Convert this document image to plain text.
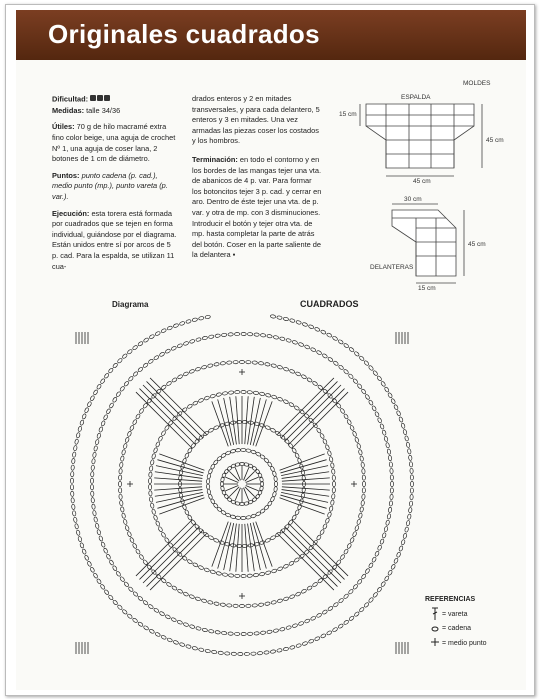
Originales cuadrados

Dificultad:

Medidas: talle 34/36

Útiles: 70 g de hilo macramé extra fino color beige, una aguja de crochet Nº 1, una aguja de coser lana, 2 botones de 1 cm de diámetro.

Puntos: punto cadena (p. cad.), medio punto (mp.), punto vareta (p. var.).

Ejecución: esta torera está formada por cuadrados que se tejen en forma individual, guiándose por el diagrama. Están unidos entre sí por arcos de 5 p. cad. Para la espalda, se utilizan 11 cua-

drados enteros y 2 en mitades transversales, y para cada delantero, 5 enteros y 3 en mitades. Una vez armadas las piezas coser los costados y los hombros.

Terminación: en todo el contorno y en los bordes de las mangas tejer una vta. de abanicos de 4 p. var. Para formar los botoncitos tejer 3 p. cad. y cerrar en aro. Dentro de éste tejer una vta. de p. var. y otra de mp. con 3 disminuciones. Introducir el botón y tejer otra vta. de mp. hasta completar la parte de atrás del botón. Coser en la parte saliente de la delantera ▪

MOLDES
ESPALDA
15 cm
45 cm
45 cm
30 cm
45 cm
DELANTERAS
15 cm
Diagrama	CUADRADOS
REFERENCIAS
= vareta
= cadena
= medio punto
